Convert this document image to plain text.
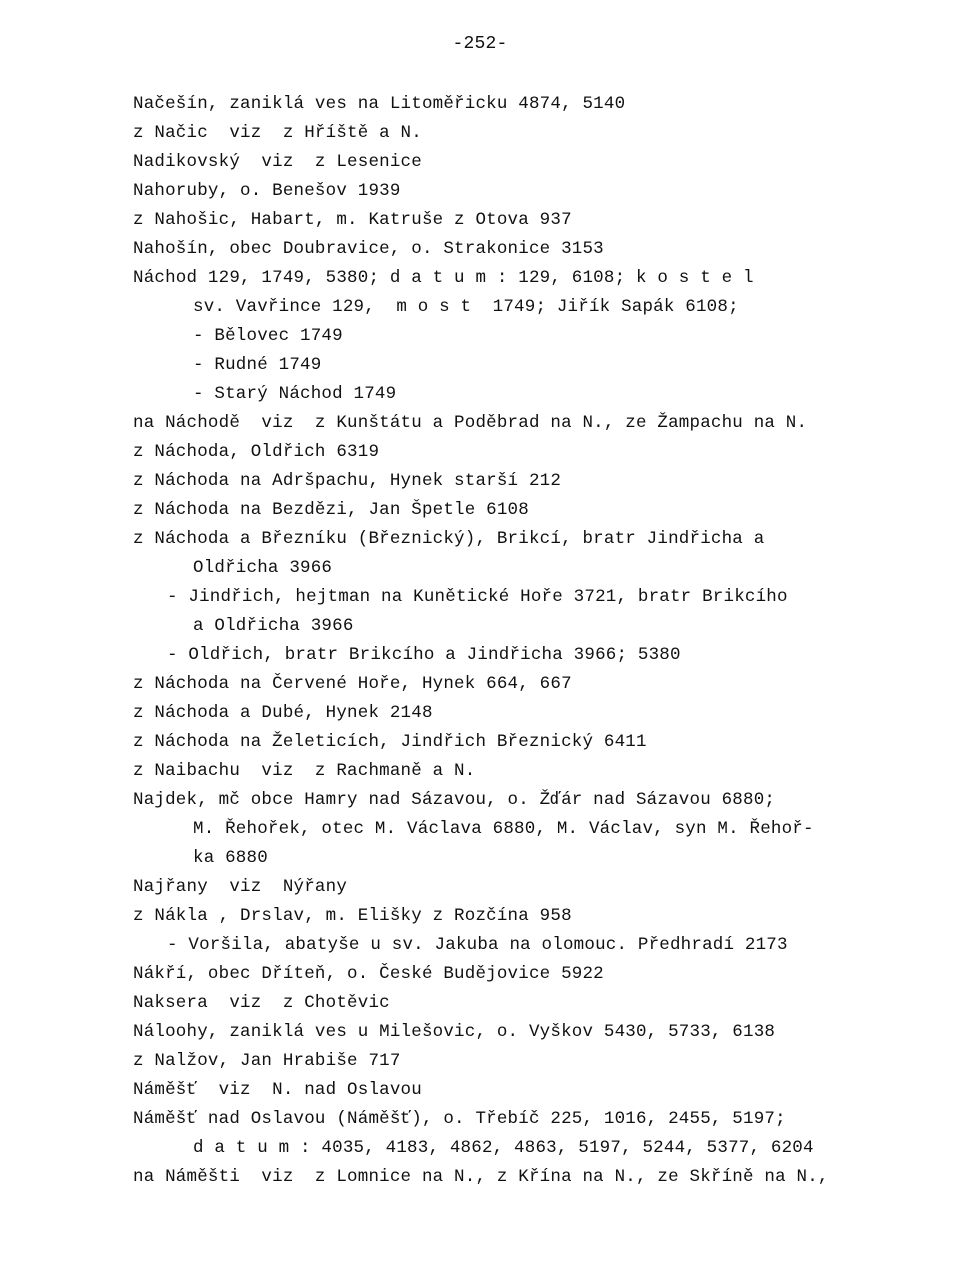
-252-
Načešín, zaniklá ves na Litoměřicku 4874, 5140
z Načic  viz  z Hříště a N.
Nadikovský  viz  z Lesenice
Nahoruby, o. Benešov 1939
z Nahošic, Habart, m. Katruše z Otova 937
Nahošín, obec Doubravice, o. Strakonice 3153
Náchod 129, 1749, 5380; d a t u m : 129, 6108; k o s t e l
sv. Vavřince 129,  m o s t  1749; Jiřík Sapák 6108;
- Bělovec 1749
- Rudné 1749
- Starý Náchod 1749
na Náchodě  viz  z Kunštátu a Poděbrad na N., ze Žampachu na N.
z Náchoda, Oldřich 6319
z Náchoda na Adršpachu, Hynek starší 212
z Náchoda na Bezdězi, Jan Špetle 6108
z Náchoda a Březníku (Březnický), Brikcí, bratr Jindřicha a
Oldřicha 3966
- Jindřich, hejtman na Kunětické Hoře 3721, bratr Brikcího
a Oldřicha 3966
- Oldřich, bratr Brikcího a Jindřicha 3966; 5380
z Náchoda na Červené Hoře, Hynek 664, 667
z Náchoda a Dubé, Hynek 2148
z Náchoda na Želeticích, Jindřich Březnický 6411
z Naibachu  viz  z Rachmaně a N.
Najdek, mč obce Hamry nad Sázavou, o. Žďár nad Sázavou 6880;
M. Řehořek, otec M. Václava 6880, M. Václav, syn M. Řehoř-
ka 6880
Najřany  viz  Nýřany
z Nákla , Drslav, m. Elišky z Rozčína 958
- Voršila, abatyše u sv. Jakuba na olomouc. Předhradí 2173
Nákří, obec Dříteň, o. České Budějovice 5922
Naksera  viz  z Chotěvic
Náloohy, zaniklá ves u Milešovic, o. Vyškov 5430, 5733, 6138
z Nalžov, Jan Hrabiše 717
Náměšť  viz  N. nad Oslavou
Náměšť nad Oslavou (Náměšť), o. Třebíč 225, 1016, 2455, 5197;
d a t u m : 4035, 4183, 4862, 4863, 5197, 5244, 5377, 6204
na Náměšti  viz  z Lomnice na N., z Křína na N., ze Skříně na N.,
